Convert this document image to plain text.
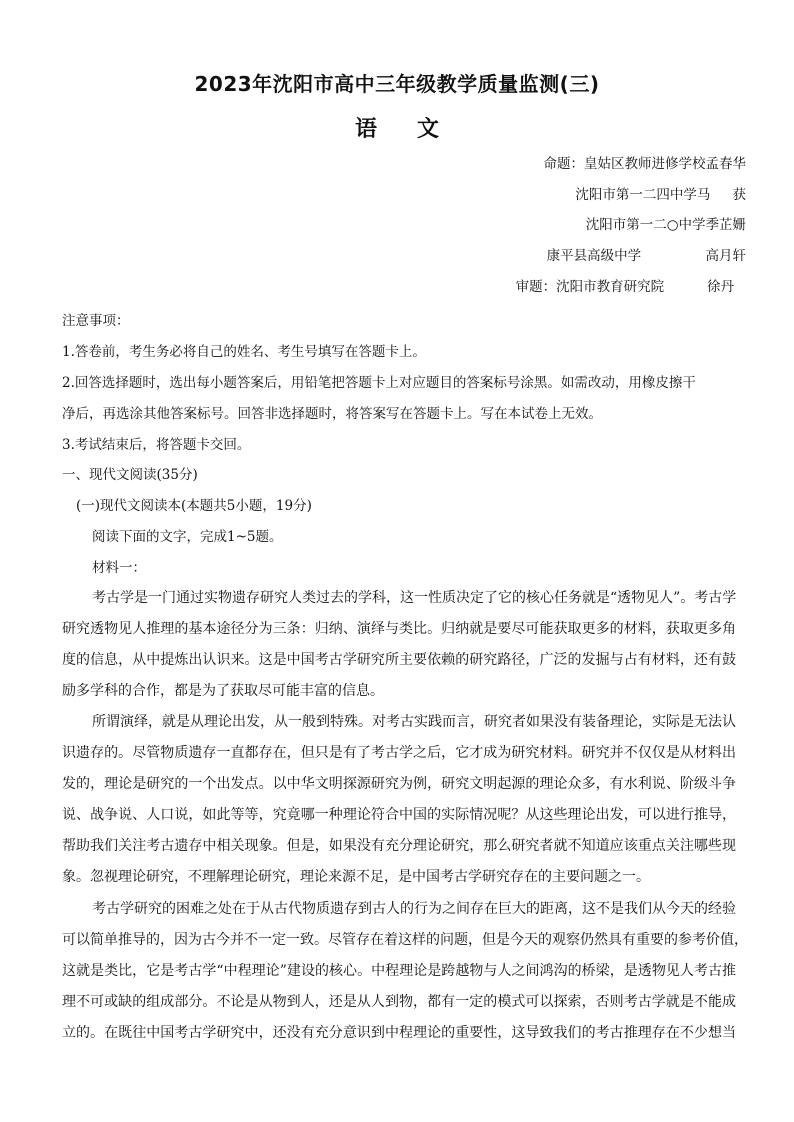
2023年沈阳市高中三年级教学质量监测(三)
语 文
命题：皇姑区教师进修学校孟春华
沈阳市第一二四中学马　  获
沈阳市第一二○中学季芷姗
康平县高级中学               高月轩
审题：沈阳市教育研究院          徐丹
注意事项：
1.答卷前，考生务必将自己的姓名、考生号填写在答题卡上。
2.回答选择题时，选出每小题答案后，用铅笔把答题卡上对应题目的答案标号涂黑。如需改动，用橡皮擦干
净后，再选涂其他答案标号。回答非选择题时，将答案写在答题卡上。写在本试卷上无效。
3.考试结束后，将答题卡交回。
一、现代文阅读(35分)
(一)现代文阅读本(本题共5小题，19分)
阅读下面的文字，完成1~5题。
材料一：
考古学是一门通过实物遗存研究人类过去的学科，这一性质决定了它的核心任务就是“透物见人”。考古学
研究透物见人推理的基本途径分为三条：归纳、演绎与类比。归纳就是要尽可能获取更多的材料，获取更多角
度的信息，从中提炼出认识来。这是中国考古学研究所主要依赖的研究路径，广泛的发掘与占有材料，还有鼓
励多学科的合作，都是为了获取尽可能丰富的信息。
所谓演绎，就是从理论出发，从一般到特殊。对考古实践而言，研究者如果没有装备理论，实际是无法认
识遗存的。尽管物质遗存一直都存在，但只是有了考古学之后，它才成为研究材料。研究并不仅仅是从材料出
发的，理论是研究的一个出发点。以中华文明探源研究为例，研究文明起源的理论众多，有水利说、阶级斗争
说、战争说、人口说，如此等等，究竟哪一种理论符合中国的实际情况呢？从这些理论出发，可以进行推导，
帮助我们关注考古遗存中相关现象。但是，如果没有充分理论研究，那么研究者就不知道应该重点关注哪些现
象。忽视理论研究，不理解理论研究，理论来源不足，是中国考古学研究存在的主要问题之一。
考古学研究的困难之处在于从古代物质遗存到古人的行为之间存在巨大的距离，这不是我们从今天的经验
可以简单推导的，因为古今并不一定一致。尽管存在着这样的问题，但是今天的观察仍然具有重要的参考价值，
这就是类比，它是考古学“中程理论”建设的核心。中程理论是跨越物与人之间鸿沟的桥梁，是透物见人考古推
理不可或缺的组成部分。不论是从物到人，还是从人到物，都有一定的模式可以探索，否则考古学就是不能成
立的。在既往中国考古学研究中，还没有充分意识到中程理论的重要性，这导致我们的考古推理存在不少想当
